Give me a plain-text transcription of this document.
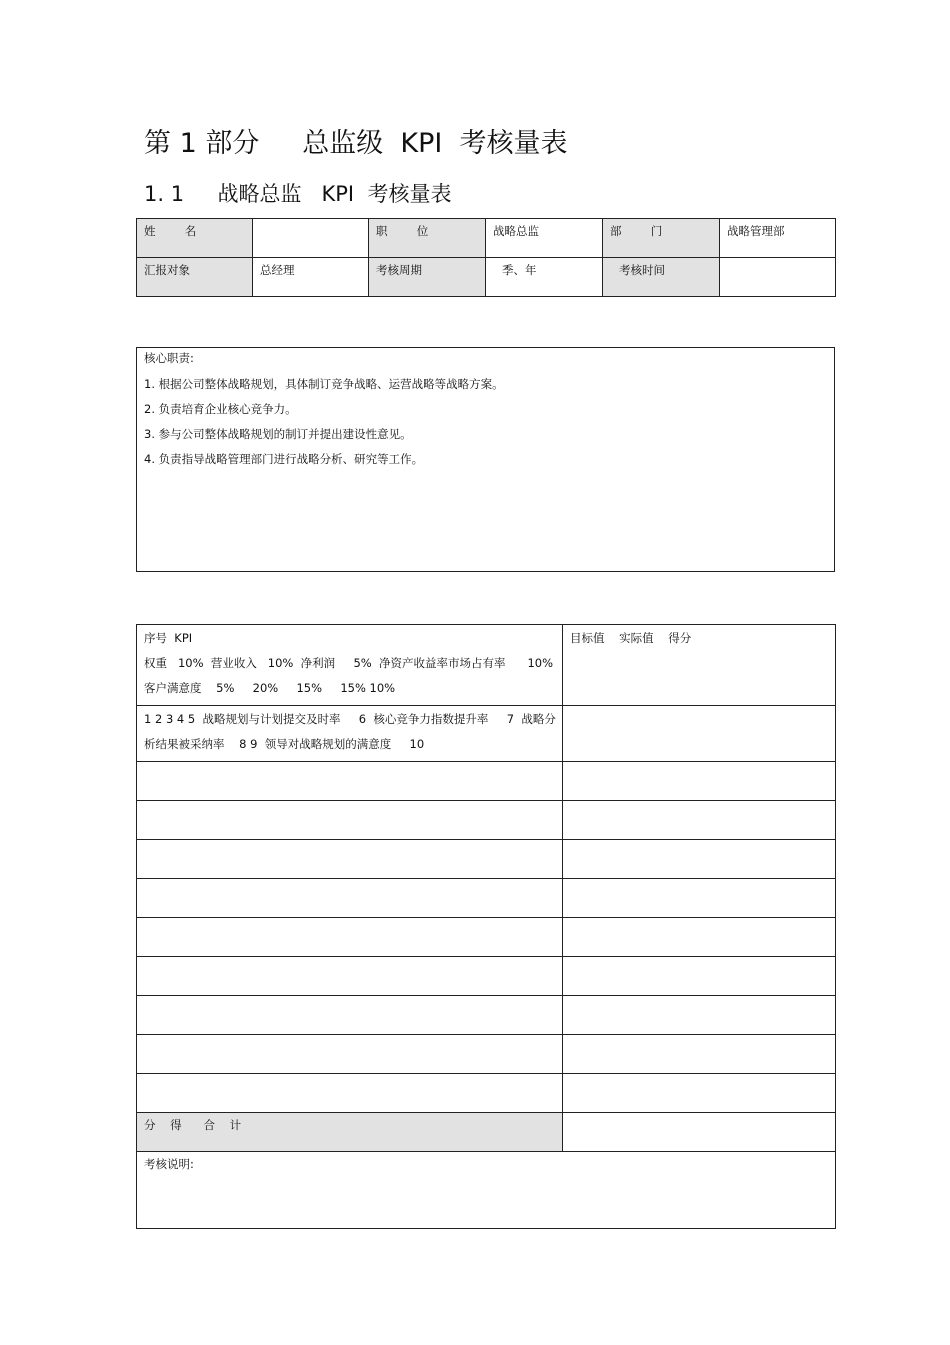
第 1 部分     总监级  KPI  考核量表
1. 1     战略总监   KPI  考核量表
姓        名		职        位	战略总监	部        门	战略管理部
汇报对象	总经理	考核周期	季、年	考核时间	
核心职责:
1. 根据公司整体战略规划，具体制订竞争战略、运营战略等战略方案。
2. 负责培育企业核心竞争力。
3. 参与公司整体战略规划的制订并提出建设性意见。
4. 负责指导战略管理部门进行战略分析、研究等工作。
序号  KPI
权重   10%  营业收入   10%  净利润     5%  净资产收益率市场占有率      10%
客户满意度    5%     20%     15%     15% 10%	目标值    实际值    得分

1 2 3 4 5  战略规划与计划提交及时率     6  核心竞争力指数提升率     7  战略分
析结果被采纳率    8 9  领导对战略规划的满意度     10	

分    得      合    计	
考核说明:	
